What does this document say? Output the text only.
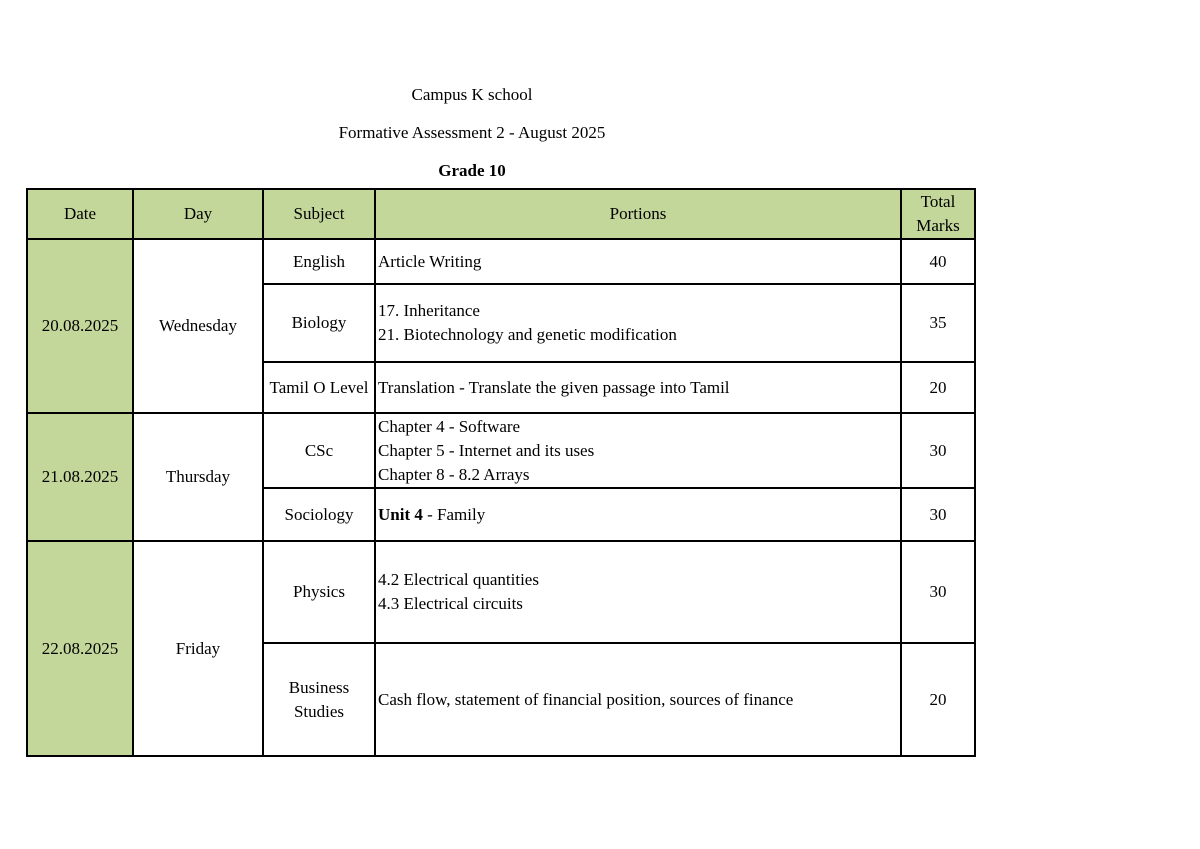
Campus K school
Formative Assessment 2 - August 2025
Grade 10
Date	Day	Subject	Portions	Total Marks
20.08.2025	Wednesday	English	Article Writing	40
		Biology	17. Inheritance
21. Biotechnology and genetic modification	35
		Tamil O Level	Translation - Translate the given passage into Tamil	20
21.08.2025	Thursday	CSc	Chapter 4 - Software
Chapter 5 - Internet and its uses
Chapter 8 - 8.2 Arrays	30
		Sociology	Unit 4 - Family	30
22.08.2025	Friday	Physics	4.2 Electrical quantities
4.3 Electrical circuits	30
		Business Studies	Cash flow, statement of financial position, sources of finance	20
